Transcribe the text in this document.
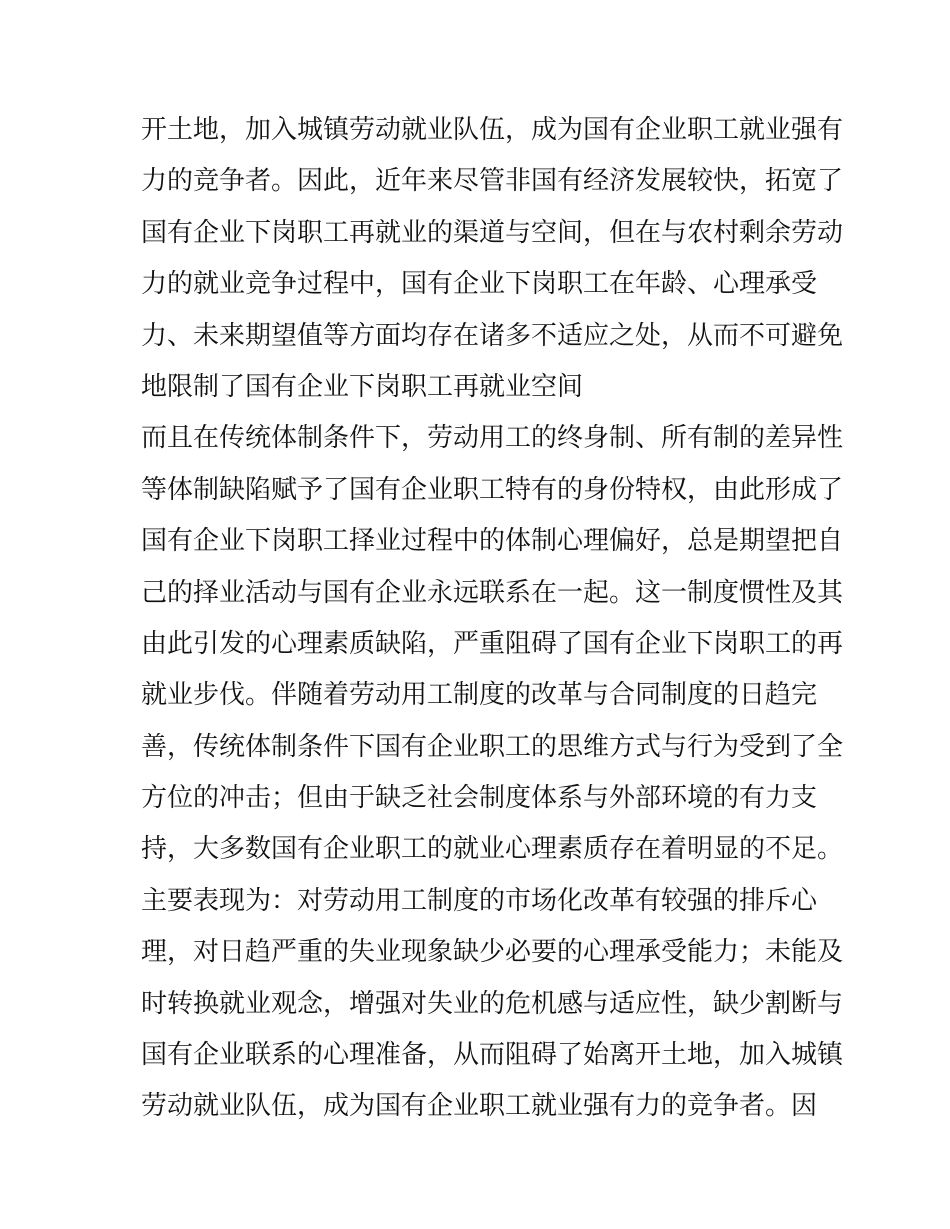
开土地，加入城镇劳动就业队伍，成为国有企业职工就业强有
力的竞争者。因此，近年来尽管非国有经济发展较快，拓宽了
国有企业下岗职工再就业的渠道与空间，但在与农村剩余劳动
力的就业竞争过程中，国有企业下岗职工在年龄、心理承受
力、未来期望值等方面均存在诸多不适应之处，从而不可避免
地限制了国有企业下岗职工再就业空间
而且在传统体制条件下，劳动用工的终身制、所有制的差异性
等体制缺陷赋予了国有企业职工特有的身份特权，由此形成了
国有企业下岗职工择业过程中的体制心理偏好，总是期望把自
己的择业活动与国有企业永远联系在一起。这一制度惯性及其
由此引发的心理素质缺陷，严重阻碍了国有企业下岗职工的再
就业步伐。伴随着劳动用工制度的改革与合同制度的日趋完
善，传统体制条件下国有企业职工的思维方式与行为受到了全
方位的冲击；但由于缺乏社会制度体系与外部环境的有力支
持，大多数国有企业职工的就业心理素质存在着明显的不足。
主要表现为：对劳动用工制度的市场化改革有较强的排斥心
理，对日趋严重的失业现象缺少必要的心理承受能力；未能及
时转换就业观念，增强对失业的危机感与适应性，缺少割断与
国有企业联系的心理准备，从而阻碍了始离开土地，加入城镇
劳动就业队伍，成为国有企业职工就业强有力的竞争者。因
